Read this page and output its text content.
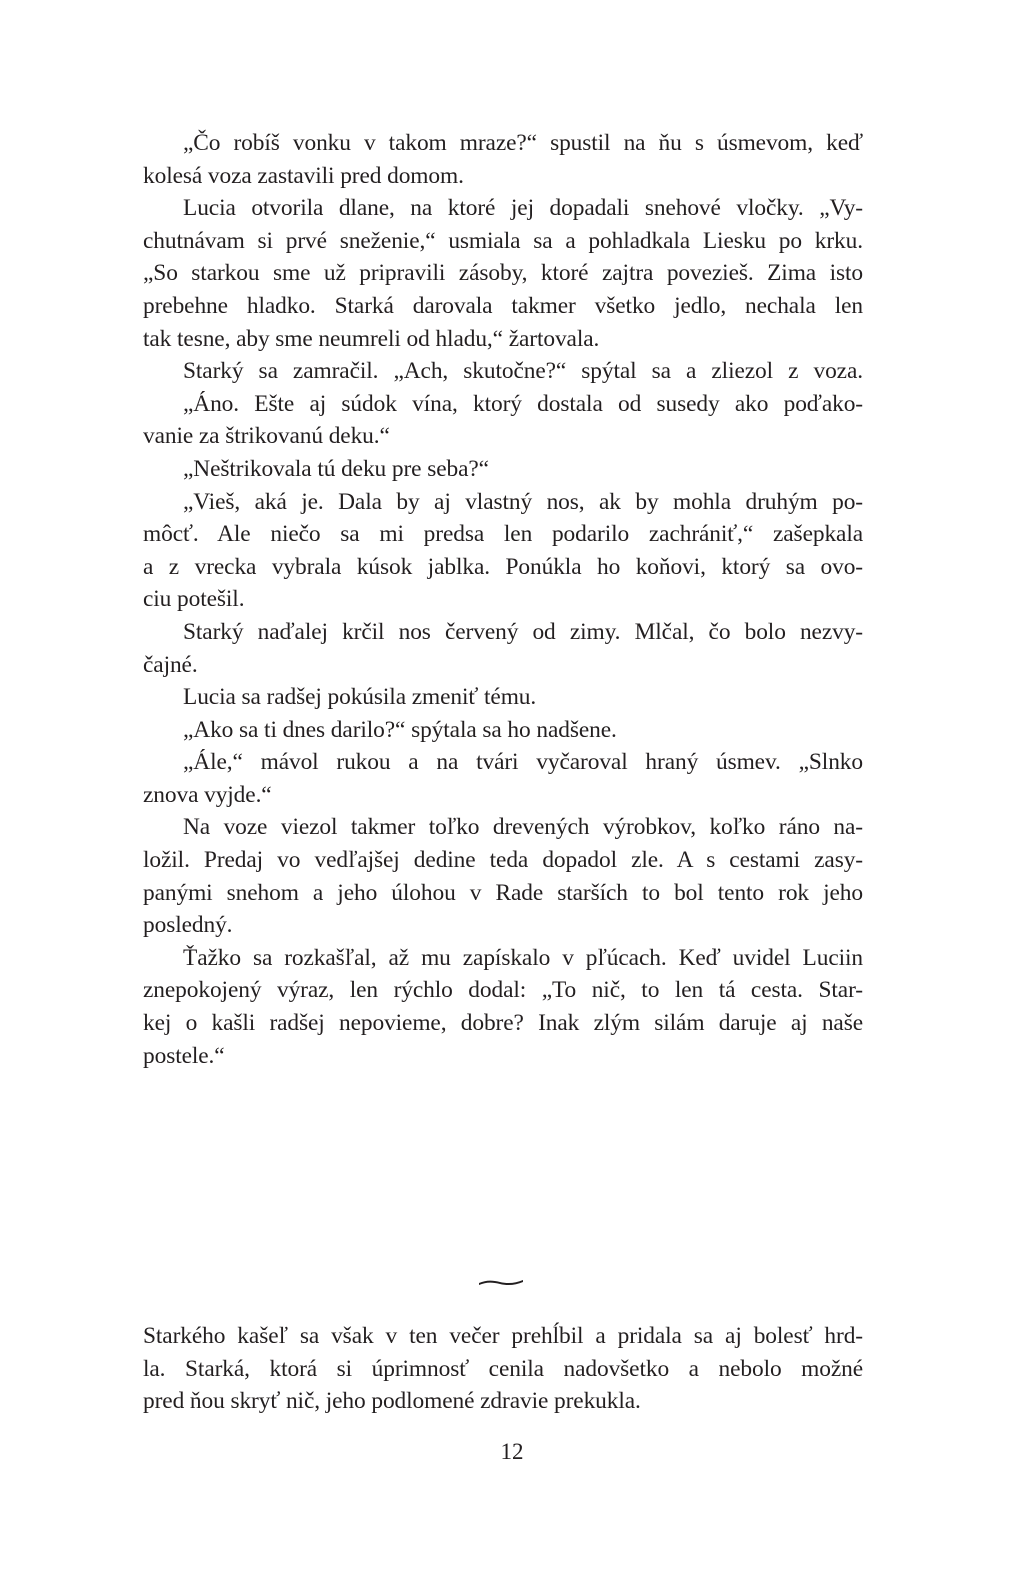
„Čo robíš vonku v takom mraze?“ spustil na ňu s úsmevom, keď
kolesá voza zastavili pred domom.
Lucia otvorila dlane, na ktoré jej dopadali snehové vločky. „Vy-
chutnávam si prvé sneženie,“ usmiala sa a pohladkala Liesku po krku.
„So starkou sme už pripravili zásoby, ktoré zajtra povezieš. Zima isto
prebehne hladko. Starká darovala takmer všetko jedlo, nechala len
tak tesne, aby sme neumreli od hladu,“ žartovala.
Starký sa zamračil. „Ach, skutočne?“ spýtal sa a zliezol z voza.
„Áno. Ešte aj súdok vína, ktorý dostala od susedy ako poďako-
vanie za štrikovanú deku.“
„Neštrikovala tú deku pre seba?“
„Vieš, aká je. Dala by aj vlastný nos, ak by mohla druhým po-
môcť. Ale niečo sa mi predsa len podarilo zachrániť,“ zašepkala
a z vrecka vybrala kúsok jablka. Ponúkla ho koňovi, ktorý sa ovo-
ciu potešil.
Starký naďalej krčil nos červený od zimy. Mlčal, čo bolo nezvy-
čajné.
Lucia sa radšej pokúsila zmeniť tému.
„Ako sa ti dnes darilo?“ spýtala sa ho nadšene.
„Ále,“ mávol rukou a na tvári vyčaroval hraný úsmev. „Slnko
znova vyjde.“
Na voze viezol takmer toľko drevených výrobkov, koľko ráno na-
ložil. Predaj vo vedľajšej dedine teda dopadol zle. A s cestami zasy-
panými snehom a jeho úlohou v Rade starších to bol tento rok jeho
posledný.
Ťažko sa rozkašľal, až mu zapískalo v pľúcach. Keď uvidel Luciin
znepokojený výraz, len rýchlo dodal: „To nič, to len tá cesta. Star-
kej o kašli radšej nepovieme, dobre? Inak zlým silám daruje aj naše
postele.“
Starkého kašeľ sa však v ten večer prehĺbil a pridala sa aj bolesť hrd-
la. Starká, ktorá si úprimnosť cenila nadovšetko a nebolo možné
pred ňou skryť nič, jeho podlomené zdravie prekukla.
12
